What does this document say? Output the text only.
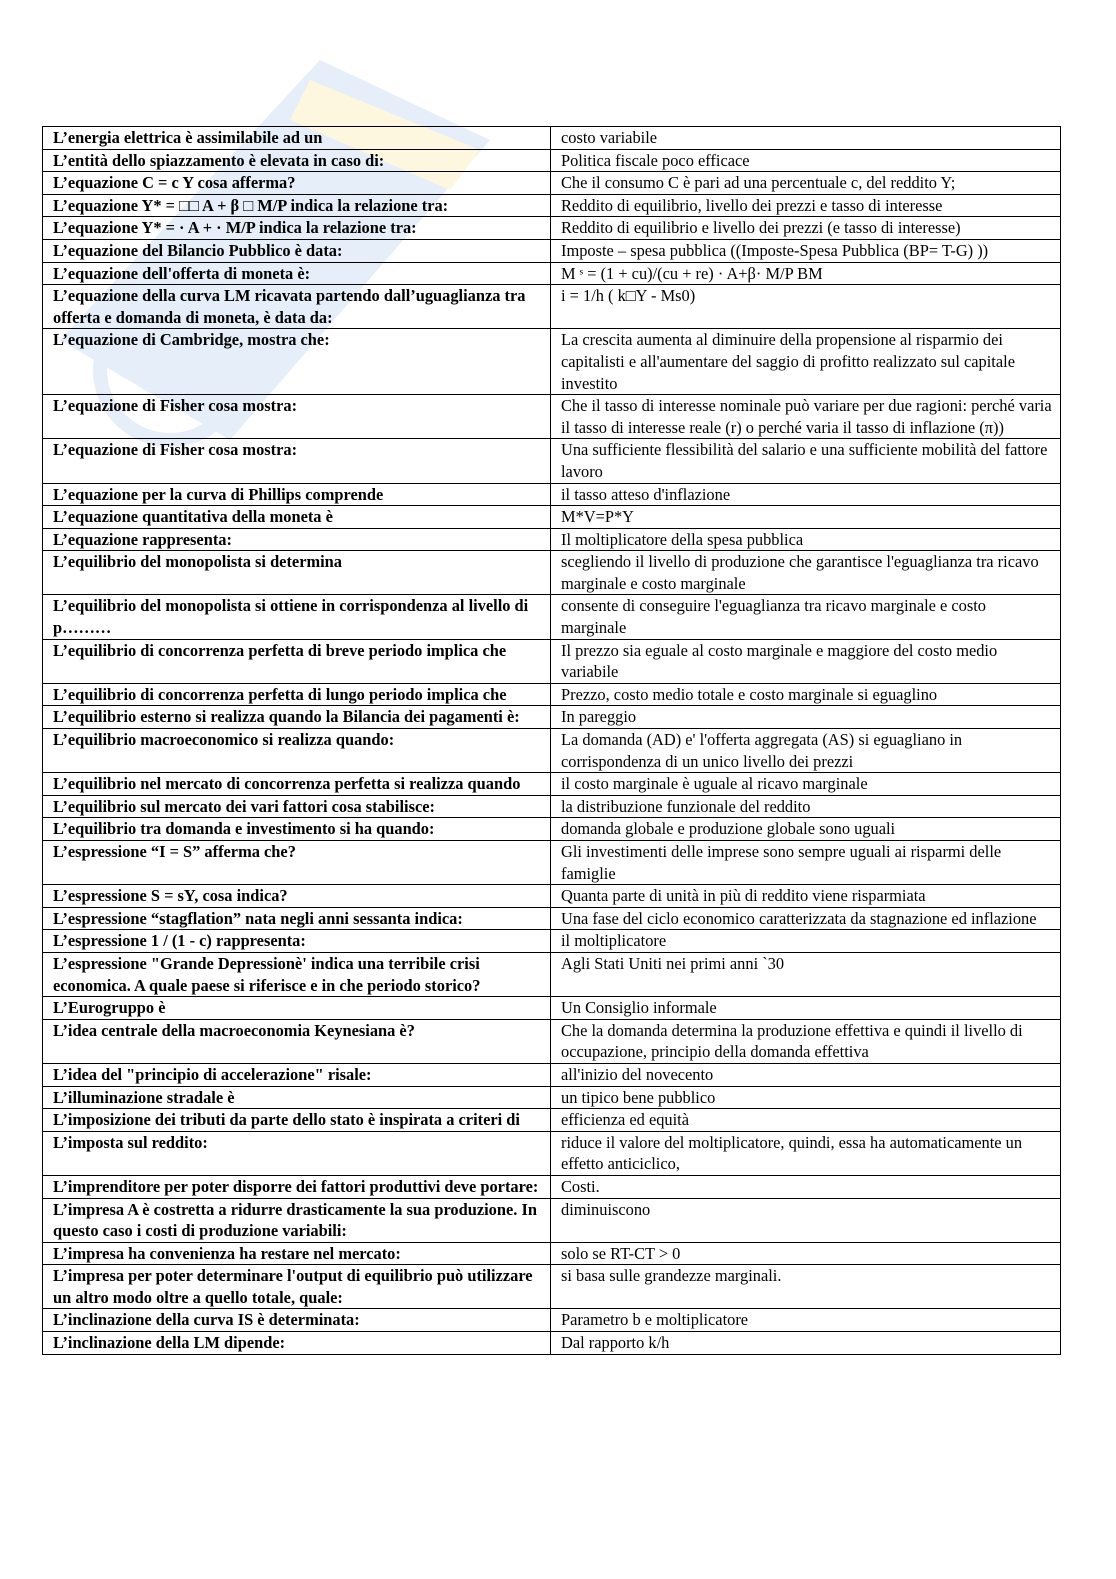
L’energia elettrica è assimilabile ad un	costo variabile
L’entità dello spiazzamento è elevata in caso di:	Politica fiscale poco efficace
L’equazione C = c Y cosa afferma?	Che il consumo C è pari ad una percentuale c, del reddito Y;
L’equazione Y* = □□ A + β □ M/P indica la relazione tra:	Reddito di equilibrio, livello dei prezzi e tasso di interesse
L’equazione Y* = · A + · M/P indica la relazione tra:	Reddito di equilibrio e livello dei prezzi (e tasso di interesse)
L’equazione del Bilancio Pubblico è data:	Imposte – spesa pubblica ((Imposte-Spesa Pubblica (BP= T-G) ))
L’equazione dell'offerta di moneta è:	M ˢ = (1 + cu)/(cu + re) · A+β· M/P BM
L’equazione della curva LM ricavata partendo dall’uguaglianza tra offerta e domanda di moneta, è data da:	i = 1/h ( k□Y - Ms0)
L’equazione di Cambridge, mostra che:	La crescita aumenta al diminuire della propensione al risparmio dei capitalisti e all'aumentare del saggio di profitto realizzato sul capitale investito
L’equazione di Fisher cosa mostra:	Che il tasso di interesse nominale può variare per due ragioni: perché varia il tasso di interesse reale (r) o perché varia il tasso di inflazione (π))
L’equazione di Fisher cosa mostra:	Una sufficiente flessibilità del salario e una sufficiente mobilità del fattore lavoro
L’equazione per la curva di Phillips comprende	il tasso atteso d'inflazione
L’equazione quantitativa della moneta è	M*V=P*Y
L’equazione rappresenta:	Il moltiplicatore della spesa pubblica
L’equilibrio del monopolista si determina	scegliendo il livello di produzione che garantisce l'eguaglianza tra ricavo marginale e costo marginale
L’equilibrio del monopolista si ottiene in corrispondenza al livello di p………	consente di conseguire l'eguaglianza tra ricavo marginale e costo marginale
L’equilibrio di concorrenza perfetta di breve periodo implica che	Il prezzo sia eguale al costo marginale e maggiore del costo medio variabile
L’equilibrio di concorrenza perfetta di lungo periodo implica che	Prezzo, costo medio totale e costo marginale si eguaglino
L’equilibrio esterno si realizza quando la Bilancia dei pagamenti è:	In pareggio
L’equilibrio macroeconomico si realizza quando:	La domanda (AD) e' l'offerta aggregata (AS) si eguagliano in corrispondenza di un unico livello dei prezzi
L’equilibrio nel mercato di concorrenza perfetta si realizza quando	il costo marginale è uguale al ricavo marginale
L’equilibrio sul mercato dei vari fattori cosa stabilisce:	la distribuzione funzionale del reddito
L’equilibrio tra domanda e investimento si ha quando:	domanda globale e produzione globale sono uguali
L’espressione “I = S” afferma che?	Gli investimenti delle imprese sono sempre uguali ai risparmi delle famiglie
L’espressione S = sY, cosa indica?	Quanta parte di unità in più di reddito viene risparmiata
L’espressione “stagflation” nata negli anni sessanta indica:	Una fase del ciclo economico caratterizzata da stagnazione ed inflazione
L’espressione 1 / (1 - c) rappresenta:	il moltiplicatore
L’espressione "Grande Depressionè' indica una terribile crisi economica. A quale paese si riferisce e in che periodo storico?	Agli Stati Uniti nei primi anni `30
L’Eurogruppo è	Un Consiglio informale
L’idea centrale della macroeconomia Keynesiana è?	Che la domanda determina la produzione effettiva e quindi il livello di occupazione, principio della domanda effettiva
L’idea del "principio di accelerazione" risale:	all'inizio del novecento
L’illuminazione stradale è	un tipico bene pubblico
L’imposizione dei tributi da parte dello stato è inspirata a criteri di	efficienza ed equità
L’imposta sul reddito:	riduce il valore del moltiplicatore, quindi, essa ha automaticamente un effetto anticiclico,
L’imprenditore per poter disporre dei fattori produttivi deve portare:	Costi.
L’impresa A è costretta a ridurre drasticamente la sua produzione. In questo caso i costi di produzione variabili:	diminuiscono
L’impresa ha convenienza ha restare nel mercato:	solo se RT-CT > 0
L’impresa per poter determinare l'output di equilibrio può utilizzare un altro modo oltre a quello totale, quale:	si basa sulle grandezze marginali.
L’inclinazione della curva IS è determinata:	Parametro b e moltiplicatore
L’inclinazione della LM dipende:	Dal rapporto k/h
